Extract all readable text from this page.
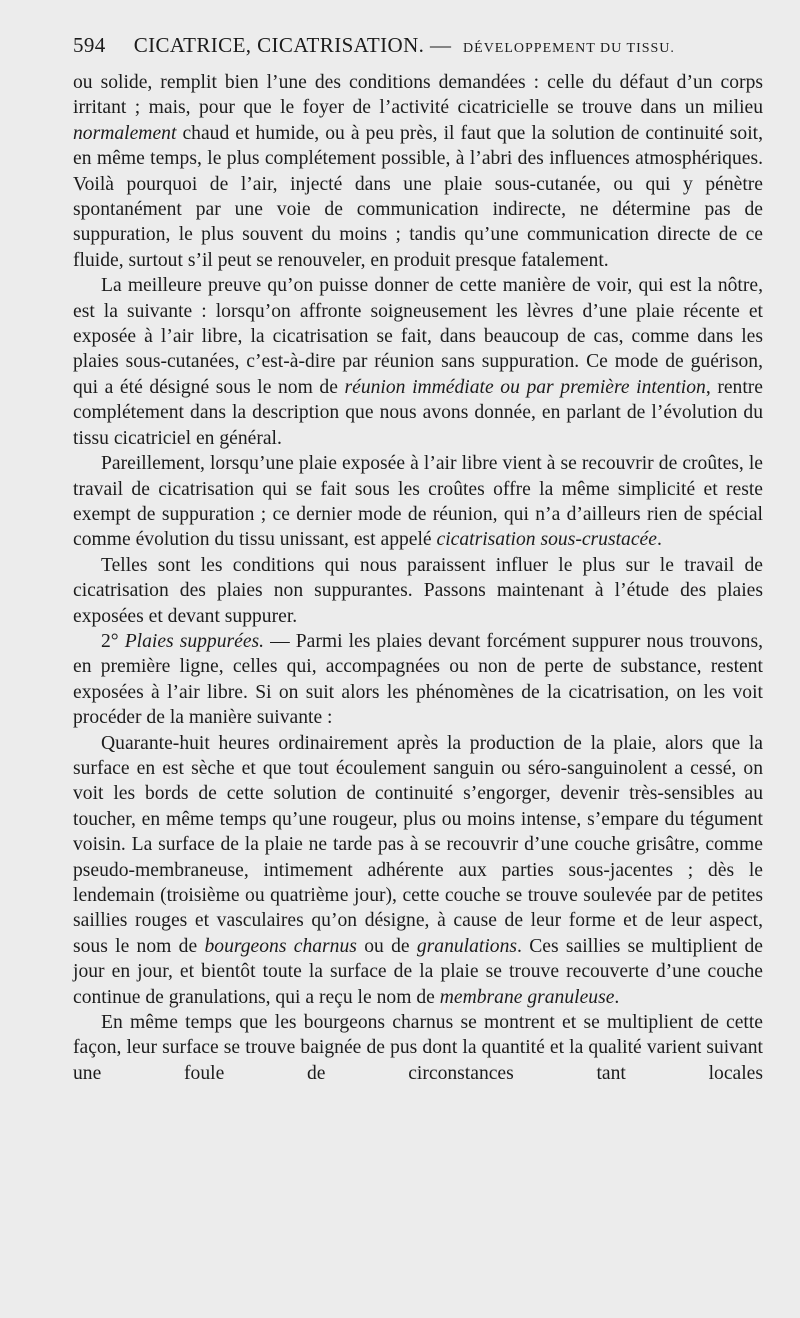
594 CICATRICE, CICATRISATION. — DÉVELOPPEMENT DU TISSU.

ou solide, remplit bien l’une des conditions demandées : celle du défaut d’un corps irritant ; mais, pour que le foyer de l’activité cicatricielle se trouve dans un milieu normalement chaud et humide, ou à peu près, il faut que la solution de continuité soit, en même temps, le plus complétement possible, à l’abri des influences atmosphériques. Voilà pourquoi de l’air, injecté dans une plaie sous-cutanée, ou qui y pénètre spontanément par une voie de communication indirecte, ne détermine pas de suppuration, le plus souvent du moins ; tandis qu’une communication directe de ce fluide, surtout s’il peut se renouveler, en produit presque fatalement.

La meilleure preuve qu’on puisse donner de cette manière de voir, qui est la nôtre, est la suivante : lorsqu’on affronte soigneusement les lèvres d’une plaie récente et exposée à l’air libre, la cicatrisation se fait, dans beaucoup de cas, comme dans les plaies sous-cutanées, c’est-à-dire par réunion sans suppuration. Ce mode de guérison, qui a été désigné sous le nom de réunion immédiate ou par première intention, rentre complétement dans la description que nous avons donnée, en parlant de l’évolution du tissu cicatriciel en général.

Pareillement, lorsqu’une plaie exposée à l’air libre vient à se recouvrir de croûtes, le travail de cicatrisation qui se fait sous les croûtes offre la même simplicité et reste exempt de suppuration ; ce dernier mode de réunion, qui n’a d’ailleurs rien de spécial comme évolution du tissu unissant, est appelé cicatrisation sous-crustacée.

Telles sont les conditions qui nous paraissent influer le plus sur le travail de cicatrisation des plaies non suppurantes. Passons maintenant à l’étude des plaies exposées et devant suppurer.

2° Plaies suppurées. — Parmi les plaies devant forcément suppurer nous trouvons, en première ligne, celles qui, accompagnées ou non de perte de substance, restent exposées à l’air libre. Si on suit alors les phénomènes de la cicatrisation, on les voit procéder de la manière suivante :

Quarante-huit heures ordinairement après la production de la plaie, alors que la surface en est sèche et que tout écoulement sanguin ou séro-sanguinolent a cessé, on voit les bords de cette solution de continuité s’engorger, devenir très-sensibles au toucher, en même temps qu’une rougeur, plus ou moins intense, s’empare du tégument voisin. La surface de la plaie ne tarde pas à se recouvrir d’une couche grisâtre, comme pseudo-membraneuse, intimement adhérente aux parties sous-jacentes ; dès le lendemain (troisième ou quatrième jour), cette couche se trouve soulevée par de petites saillies rouges et vasculaires qu’on désigne, à cause de leur forme et de leur aspect, sous le nom de bourgeons charnus ou de granulations. Ces saillies se multiplient de jour en jour, et bientôt toute la surface de la plaie se trouve recouverte d’une couche continue de granulations, qui a reçu le nom de membrane granuleuse.

En même temps que les bourgeons charnus se montrent et se multiplient de cette façon, leur surface se trouve baignée de pus dont la quantité et la qualité varient suivant une foule de circonstances tant locales
